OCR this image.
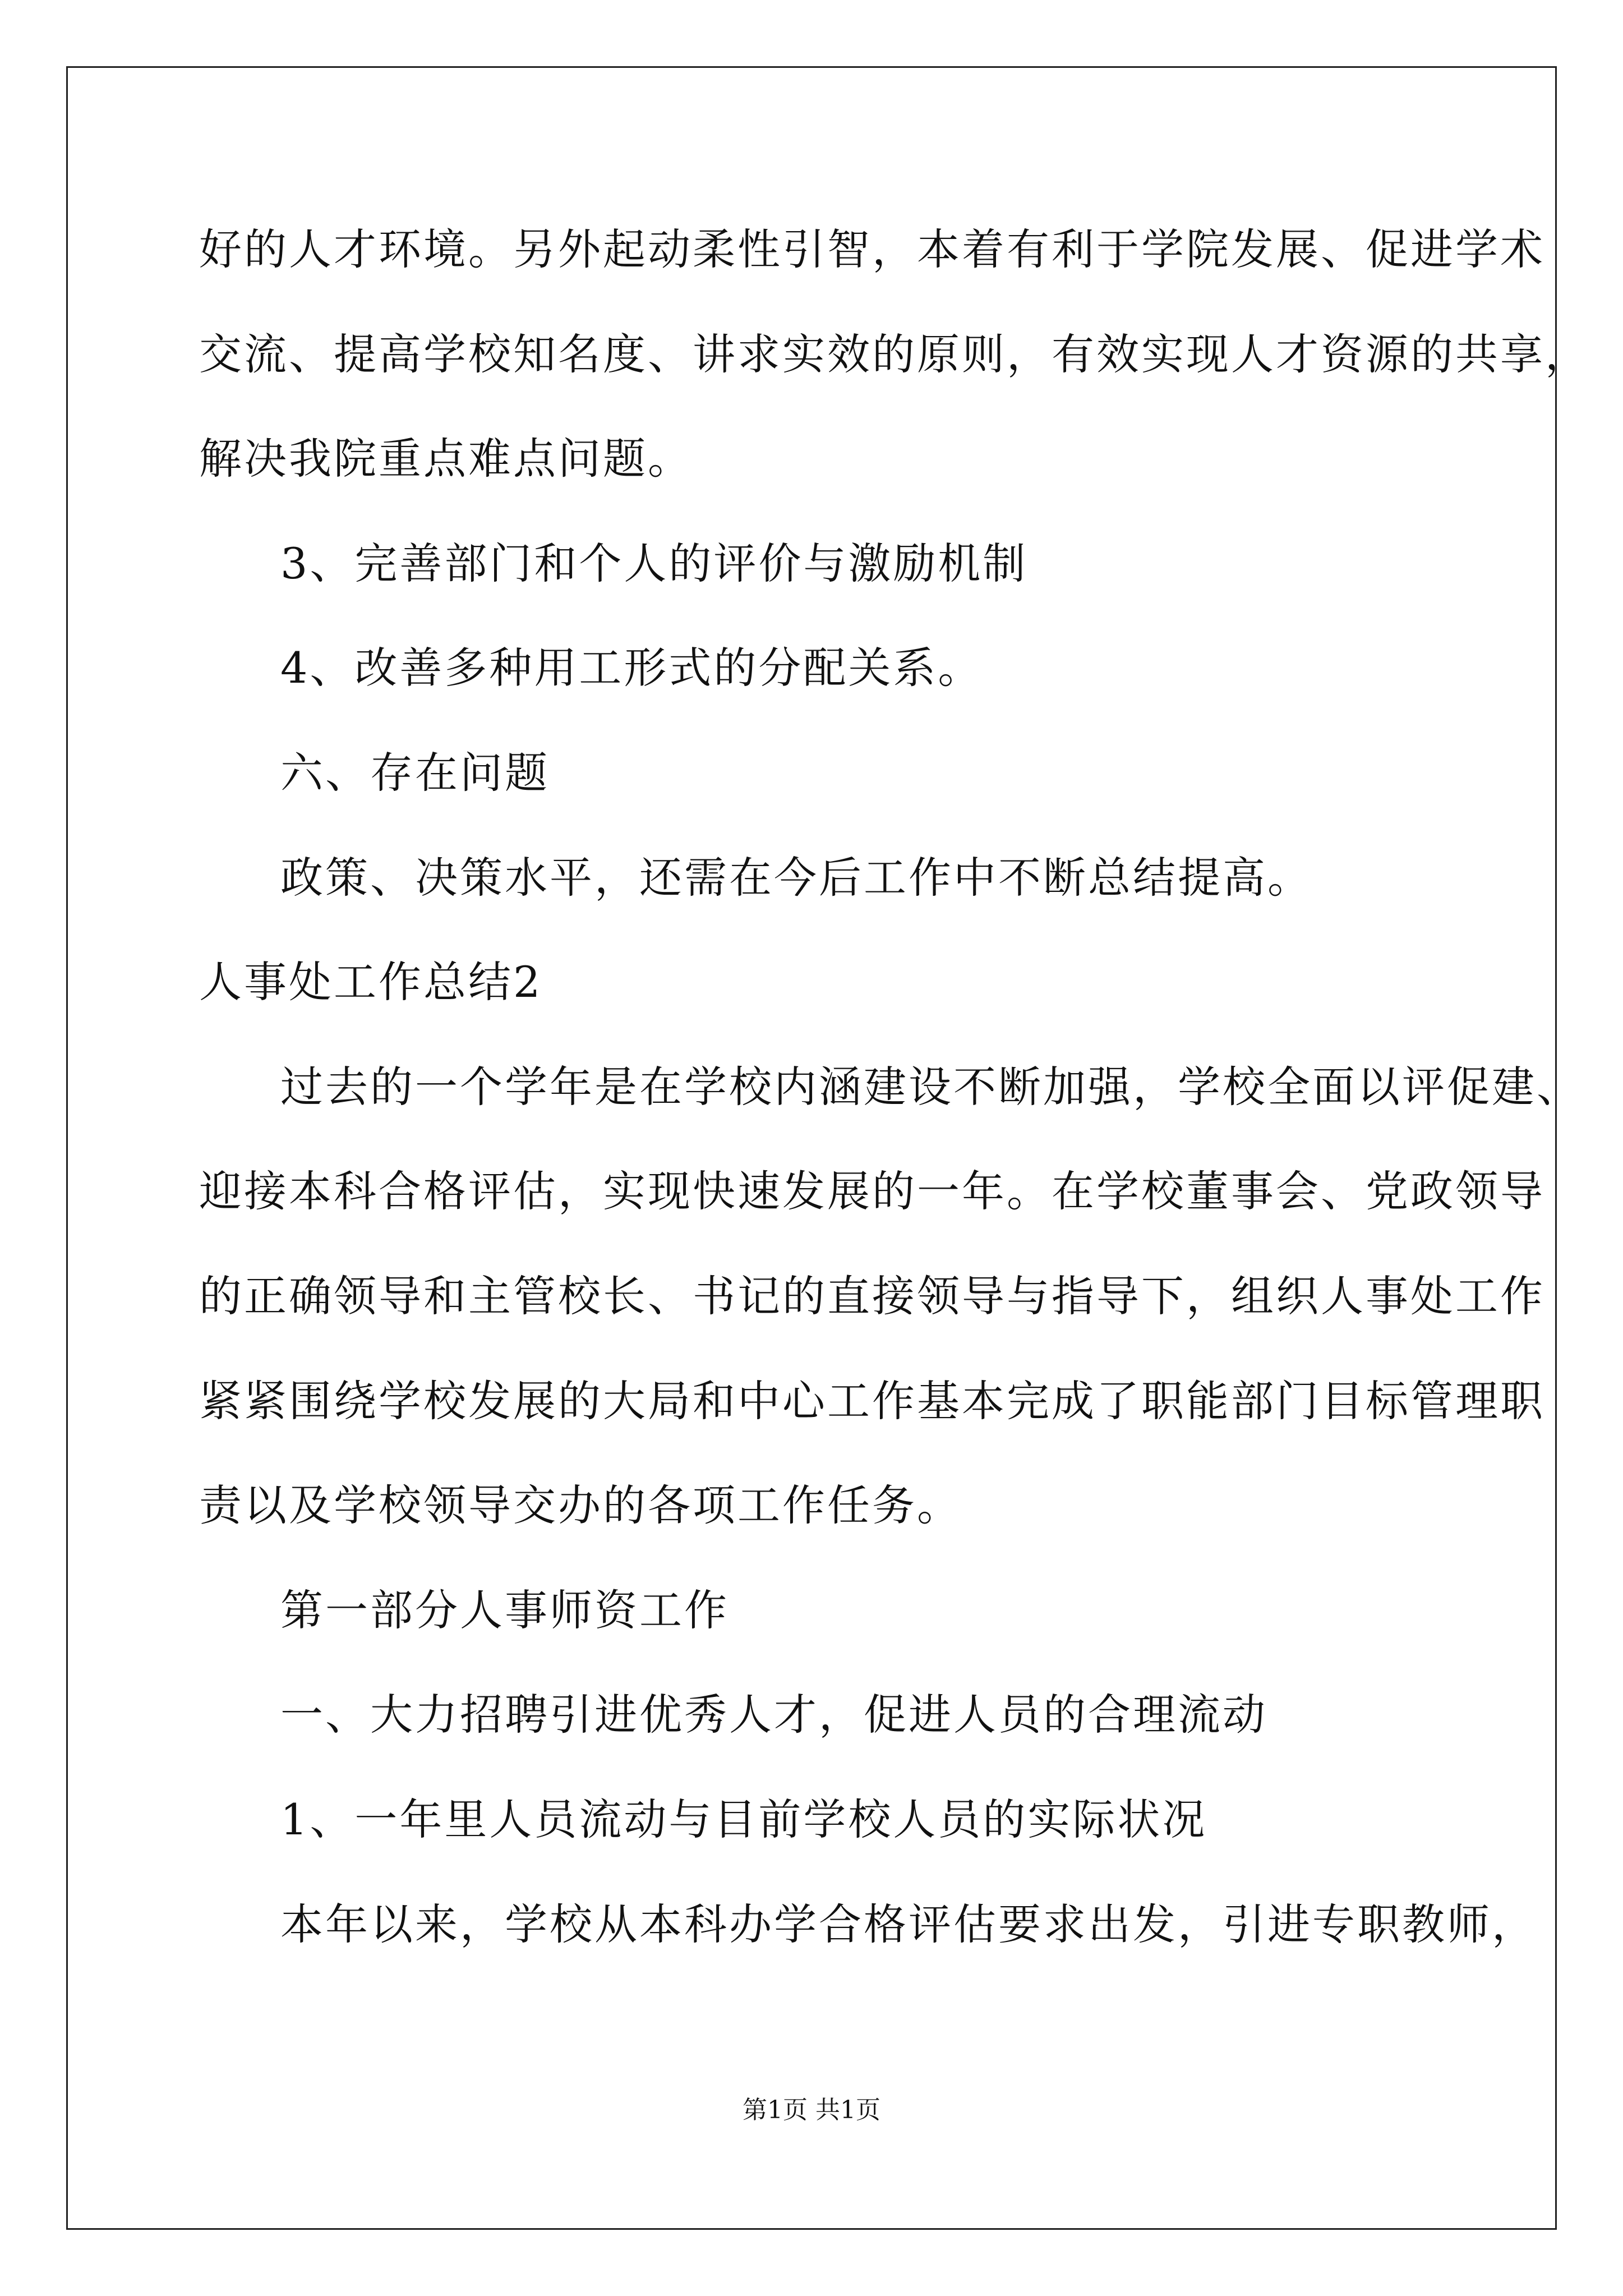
好的人才环境。另外起动柔性引智，本着有利于学院发展、促进学术
交流、提高学校知名度、讲求实效的原则，有效实现人才资源的共享，
解决我院重点难点问题。
3、完善部门和个人的评价与激励机制
4、改善多种用工形式的分配关系。
六、存在问题
政策、决策水平，还需在今后工作中不断总结提高。
人事处工作总结2
过去的一个学年是在学校内涵建设不断加强，学校全面以评促建、
迎接本科合格评估，实现快速发展的一年。在学校董事会、党政领导
的正确领导和主管校长、书记的直接领导与指导下，组织人事处工作
紧紧围绕学校发展的大局和中心工作基本完成了职能部门目标管理职
责以及学校领导交办的各项工作任务。
第一部分人事师资工作
一、大力招聘引进优秀人才，促进人员的合理流动
1、一年里人员流动与目前学校人员的实际状况
本年以来，学校从本科办学合格评估要求出发，引进专职教师，
第1页 共1页
